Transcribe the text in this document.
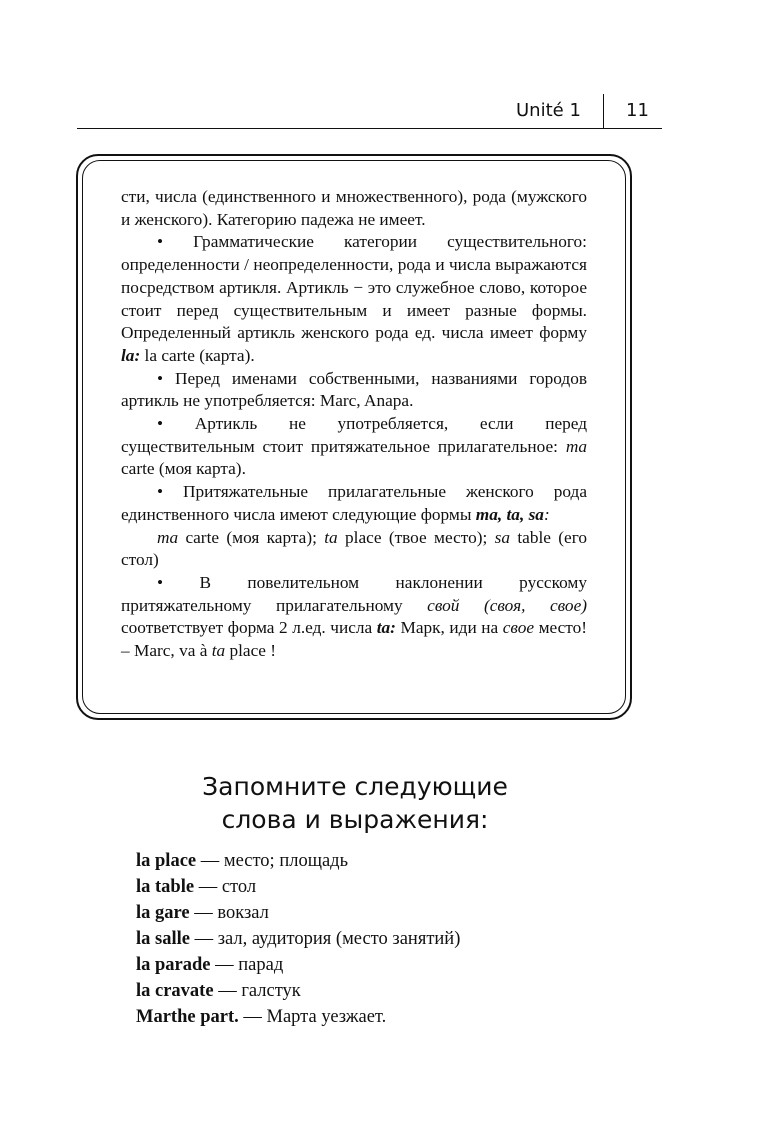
Unité 1	11

сти, числа (единственного и множественного), рода (мужского и женского). Категорию падежа не имеет.

• Грамматические категории существительного: определенности / неопределенности, рода и числа выражаются посредством артикля. Артикль − это служебное слово, которое стоит перед существительным и имеет разные формы. Определенный артикль женского рода ед. числа имеет форму la: la carte (карта).

• Перед именами собственными, названиями городов артикль не употребляется: Marc, Anapa.

• Артикль не употребляется, если перед существительным стоит притяжательное прилагательное: ma carte (моя карта).

• Притяжательные прилагательные женского рода единственного числа имеют следующие формы ma, ta, sa:

ma carte (моя карта); ta place (твое место); sa table (его стол)

• В повелительном наклонении русскому притяжательному прилагательному свой (своя, свое) соответствует форма 2 л.ед. числа ta: Марк, иди на свое место! – Marc, va à ta place !

Запомните следующие
слова и выражения:
la place — место; площадь
la table — стол
la gare — вокзал
la salle — зал, аудитория (место занятий)
la parade — парад
la cravate — галстук
Marthe part. — Марта уезжает.
